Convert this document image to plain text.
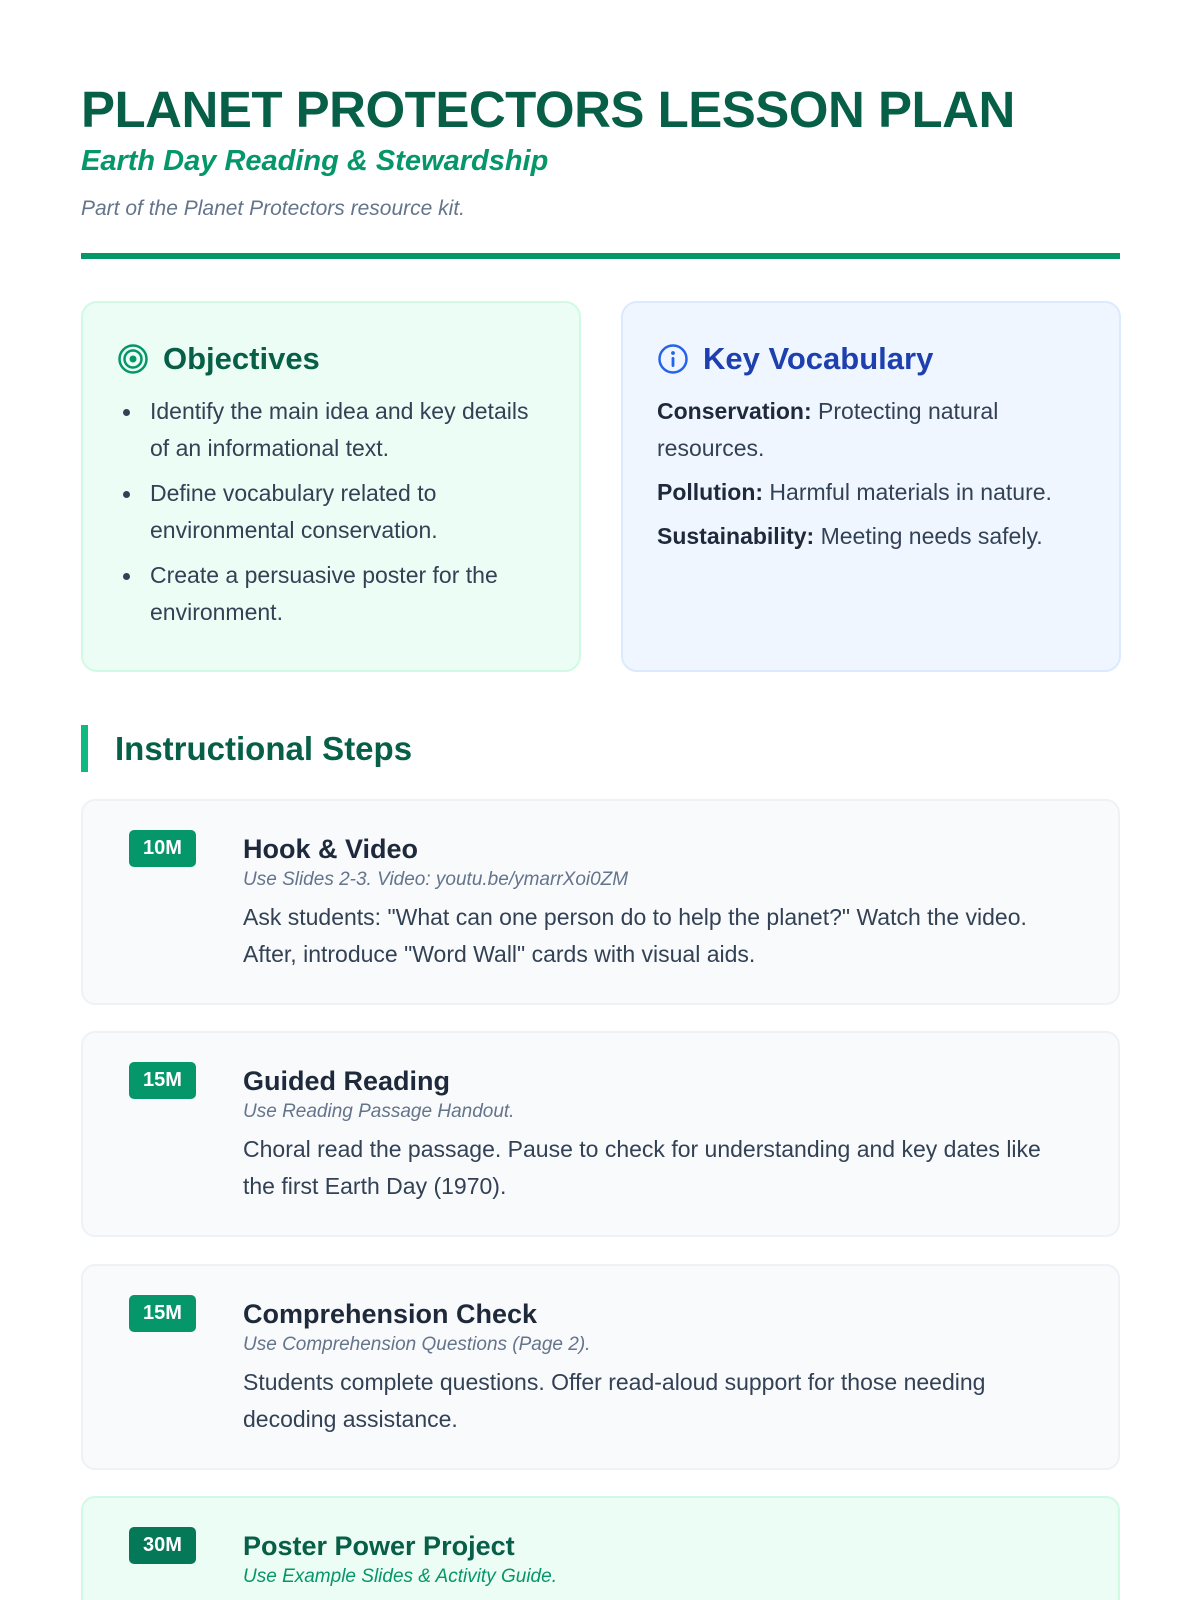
PLANET PROTECTORS LESSON PLAN
Earth Day Reading & Stewardship
Part of the Planet Protectors resource kit.
Objectives
Identify the main idea and key details of an informational text.
Define vocabulary related to environmental conservation.
Create a persuasive poster for the environment.
Key Vocabulary
Conservation: Protecting natural resources.
Pollution: Harmful materials in nature.
Sustainability: Meeting needs safely.
Instructional Steps
10M	Hook & Video
Use Slides 2-3. Video: youtu.be/ymarrXoi0ZM
Ask students: "What can one person do to help the planet?" Watch the video. After, introduce "Word Wall" cards with visual aids.
15M	Guided Reading
Use Reading Passage Handout.
Choral read the passage. Pause to check for understanding and key dates like the first Earth Day (1970).
15M	Comprehension Check
Use Comprehension Questions (Page 2).
Students complete questions. Offer read-aloud support for those needing decoding assistance.
30M	Poster Power Project
Use Example Slides & Activity Guide.
